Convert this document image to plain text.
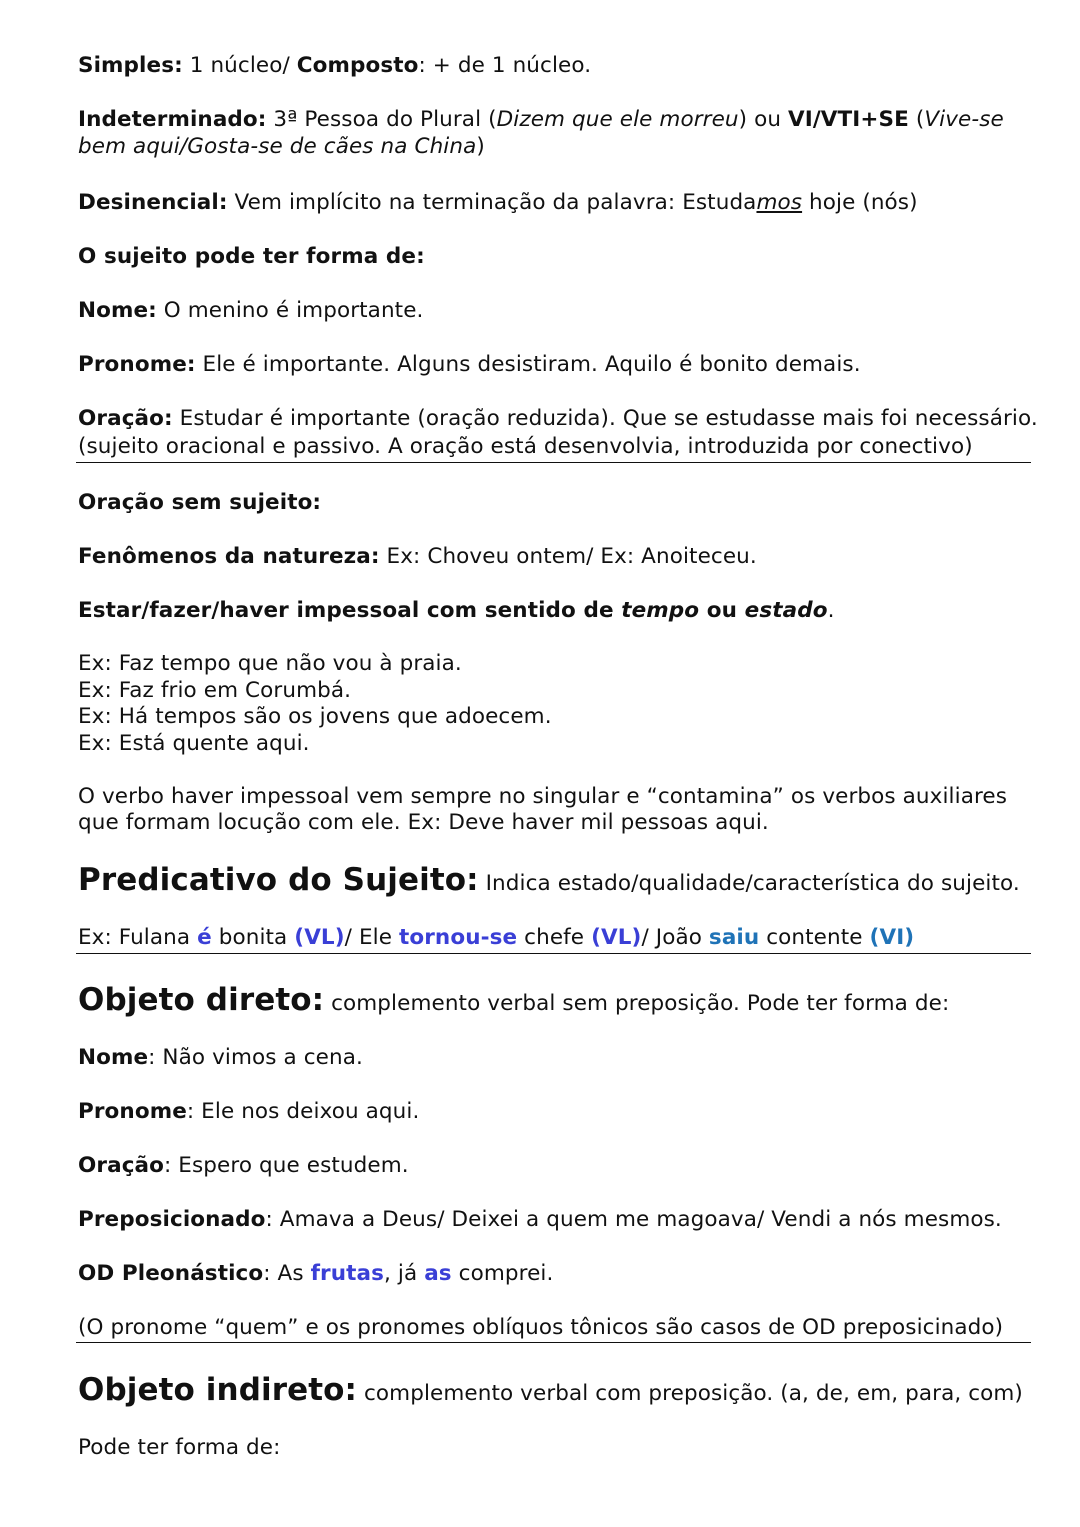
Simples: 1 núcleo/ Composto: + de 1 núcleo.
Indeterminado: 3ª Pessoa do Plural (Dizem que ele morreu) ou VI/VTI+SE (Vive-se bem aqui/Gosta-se de cães na China)
Desinencial: Vem implícito na terminação da palavra: Estudamos hoje (nós)
O sujeito pode ter forma de:
Nome: O menino é importante.
Pronome: Ele é importante. Alguns desistiram. Aquilo é bonito demais.
Oração: Estudar é importante (oração reduzida). Que se estudasse mais foi necessário.
(sujeito oracional e passivo. A oração está desenvolvia, introduzida por conectivo)
Oração sem sujeito:
Fenômenos da natureza: Ex: Choveu ontem/ Ex: Anoiteceu.
Estar/fazer/haver impessoal com sentido de tempo ou estado.
Ex: Faz tempo que não vou à praia.
Ex: Faz frio em Corumbá.
Ex: Há tempos são os jovens que adoecem.
Ex: Está quente aqui.
O verbo haver impessoal vem sempre no singular e “contamina” os verbos auxiliares
que formam locução com ele. Ex: Deve haver mil pessoas aqui.
Predicativo do Sujeito: Indica estado/qualidade/característica do sujeito.
Ex: Fulana é bonita (VL)/ Ele tornou-se chefe (VL)/ João saiu contente (VI)
Objeto direto: complemento verbal sem preposição. Pode ter forma de:
Nome: Não vimos a cena.
Pronome: Ele nos deixou aqui.
Oração: Espero que estudem.
Preposicionado: Amava a Deus/ Deixei a quem me magoava/ Vendi a nós mesmos.
OD Pleonástico: As frutas, já as comprei.
(O pronome “quem” e os pronomes oblíquos tônicos são casos de OD preposicinado)
Objeto indireto: complemento verbal com preposição. (a, de, em, para, com)
Pode ter forma de:
